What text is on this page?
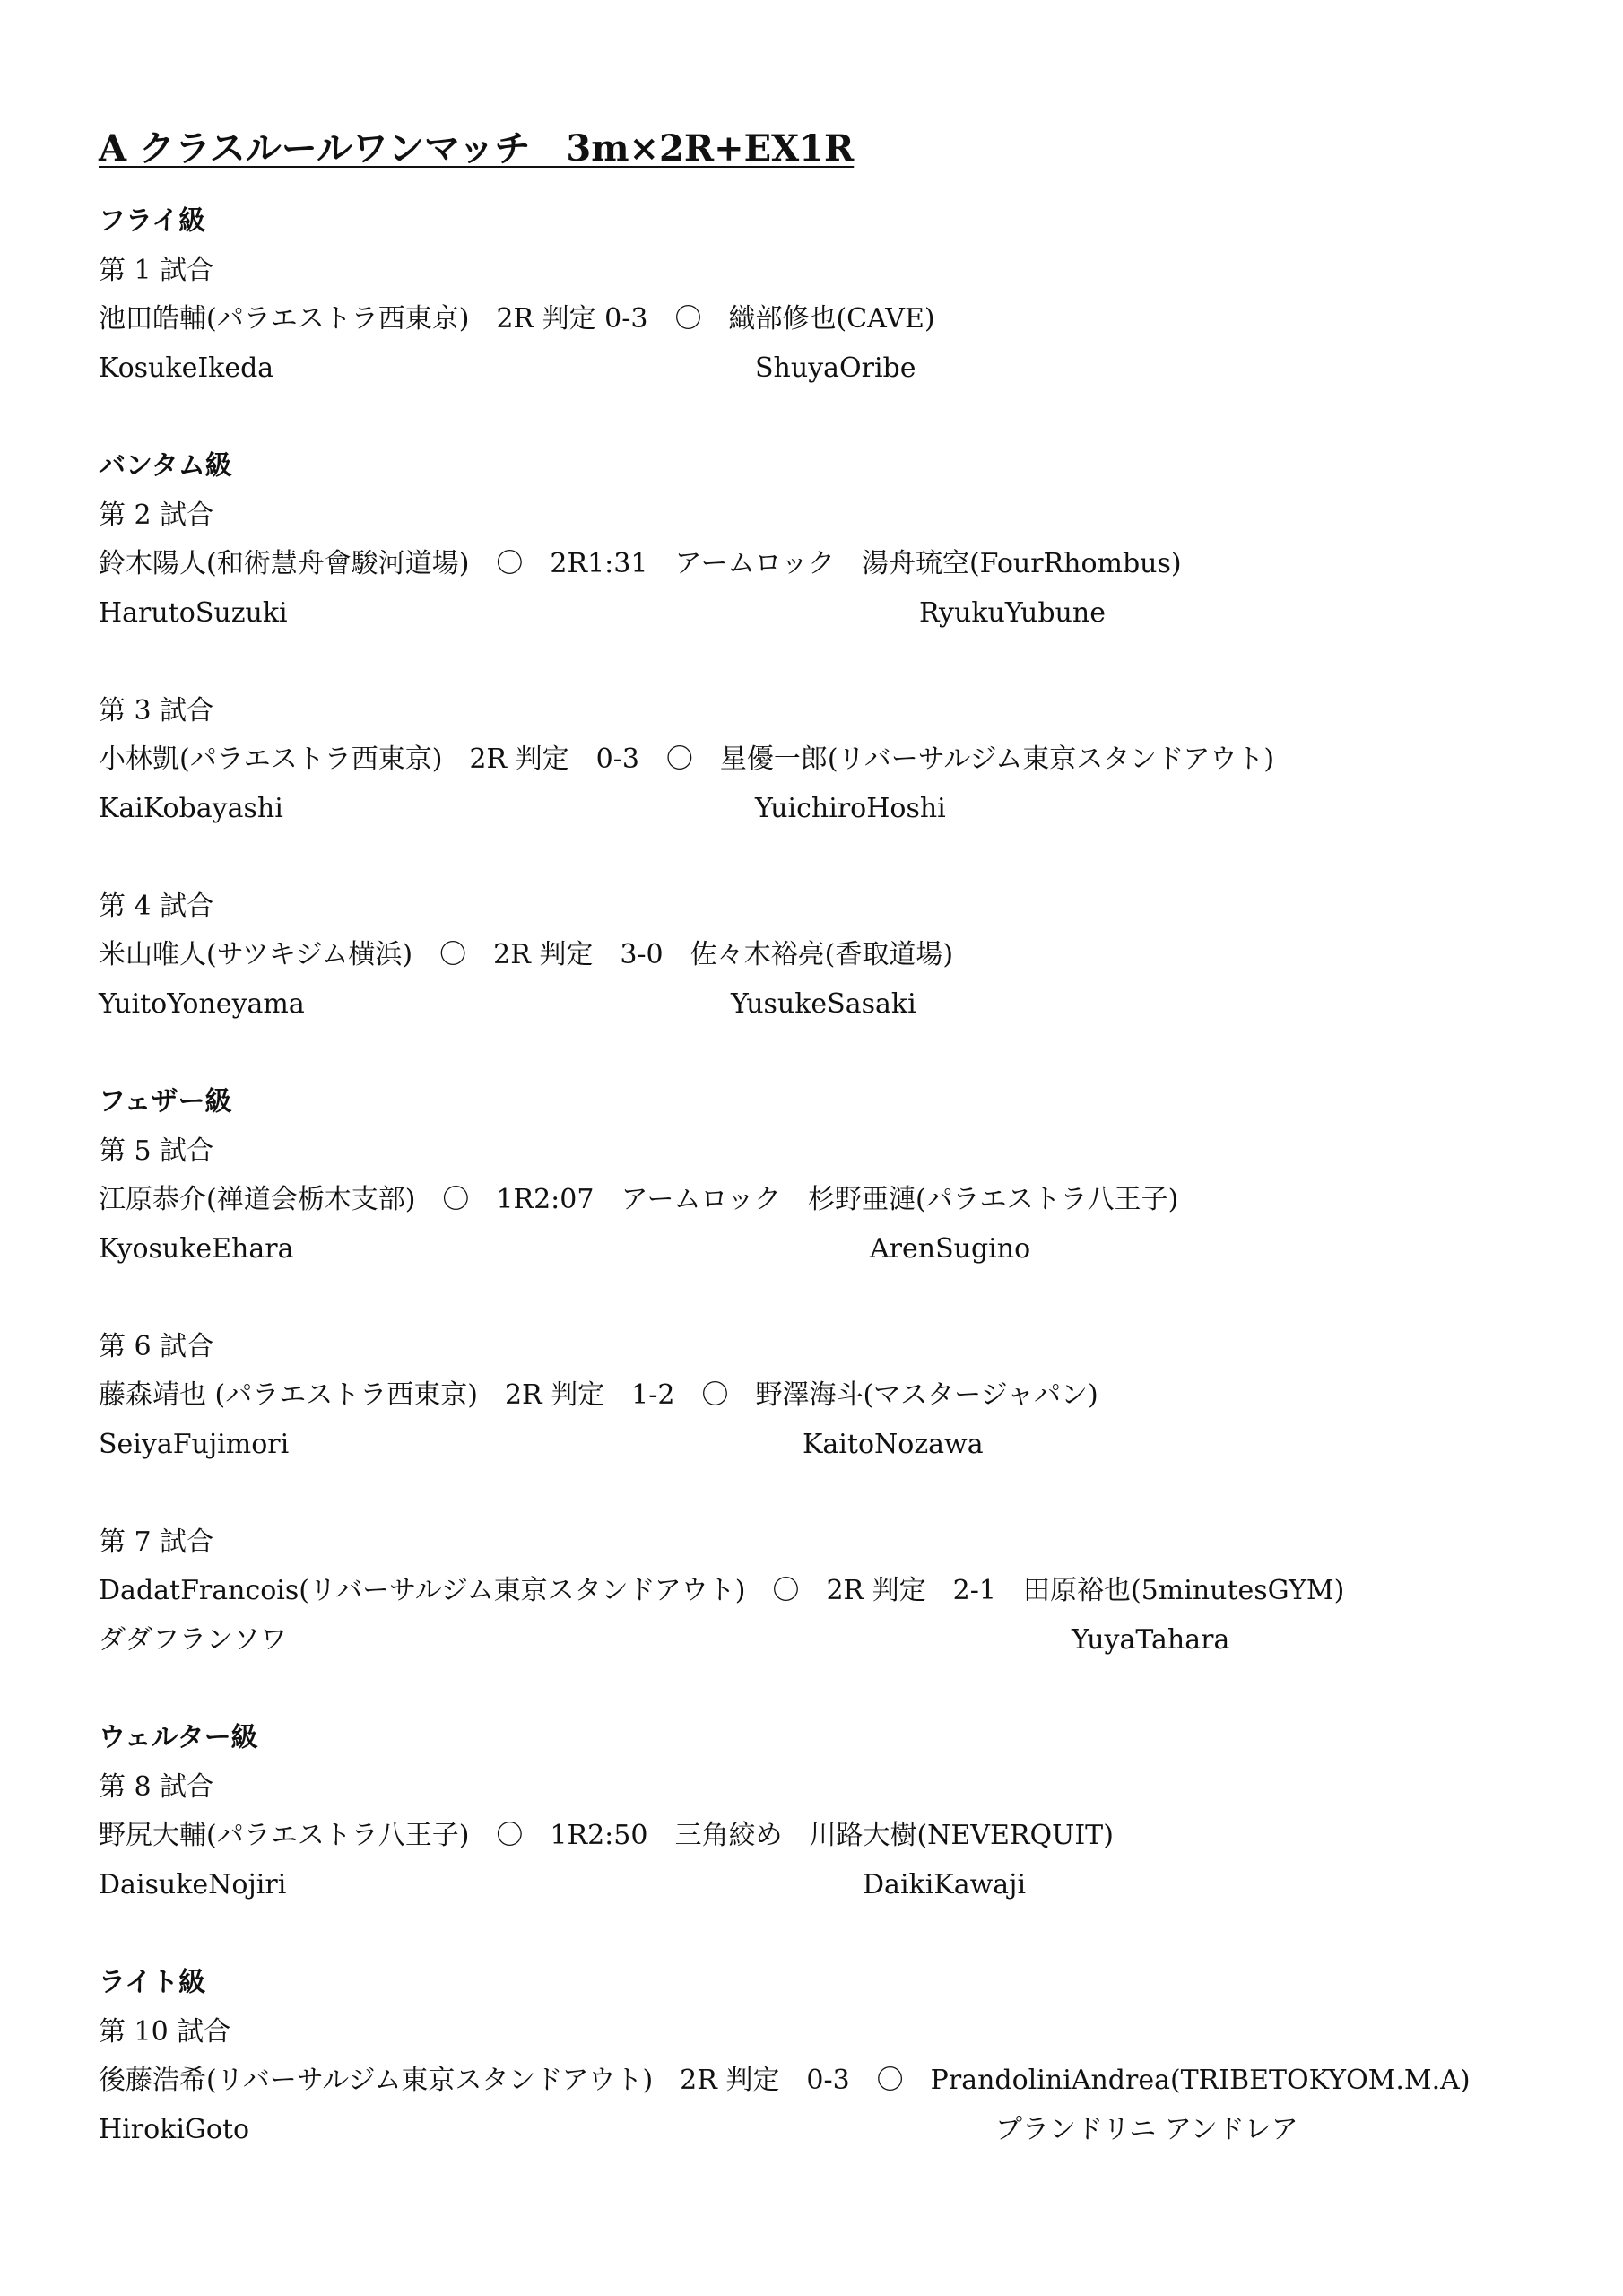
A クラスルールワンマッチ　3m×2R+EX1R
フライ級
第 1 試合
池田皓輔(パラエストラ西東京)　2R 判定 0-3　〇　織部修也(CAVE)
KosukeIkeda	ShuyaOribe
バンタム級
第 2 試合
鈴木陽人(和術慧舟會駿河道場)　〇　2R1:31　アームロック　湯舟琉空(FourRhombus)
HarutoSuzuki	RyukuYubune
第 3 試合
小林凱(パラエストラ西東京)　2R 判定　0-3　〇　星優一郎(リバーサルジム東京スタンドアウト)
KaiKobayashi	YuichiroHoshi
第 4 試合
米山唯人(サツキジム横浜)　〇　2R 判定　3-0　佐々木裕亮(香取道場)
YuitoYoneyama	YusukeSasaki
フェザー級
第 5 試合
江原恭介(禅道会栃木支部)　〇　1R2:07　アームロック　杉野亜漣(パラエストラ八王子)
KyosukeEhara	ArenSugino
第 6 試合
藤森靖也 (パラエストラ西東京)　2R 判定　1-2　〇　野澤海斗(マスタージャパン)
SeiyaFujimori	KaitoNozawa
第 7 試合
DadatFrancois(リバーサルジム東京スタンドアウト)　〇　2R 判定　2-1　田原裕也(5minutesGYM)
ダダフランソワ	YuyaTahara
ウェルター級
第 8 試合
野尻大輔(パラエストラ八王子)　〇　1R2:50　三角絞め　川路大樹(NEVERQUIT)
DaisukeNojiri	DaikiKawaji
ライト級
第 10 試合
後藤浩希(リバーサルジム東京スタンドアウト)　2R 判定　0-3　〇　PrandoliniAndrea(TRIBETOKYOM.M.A)
HirokiGoto	プランドリニ アンドレア
